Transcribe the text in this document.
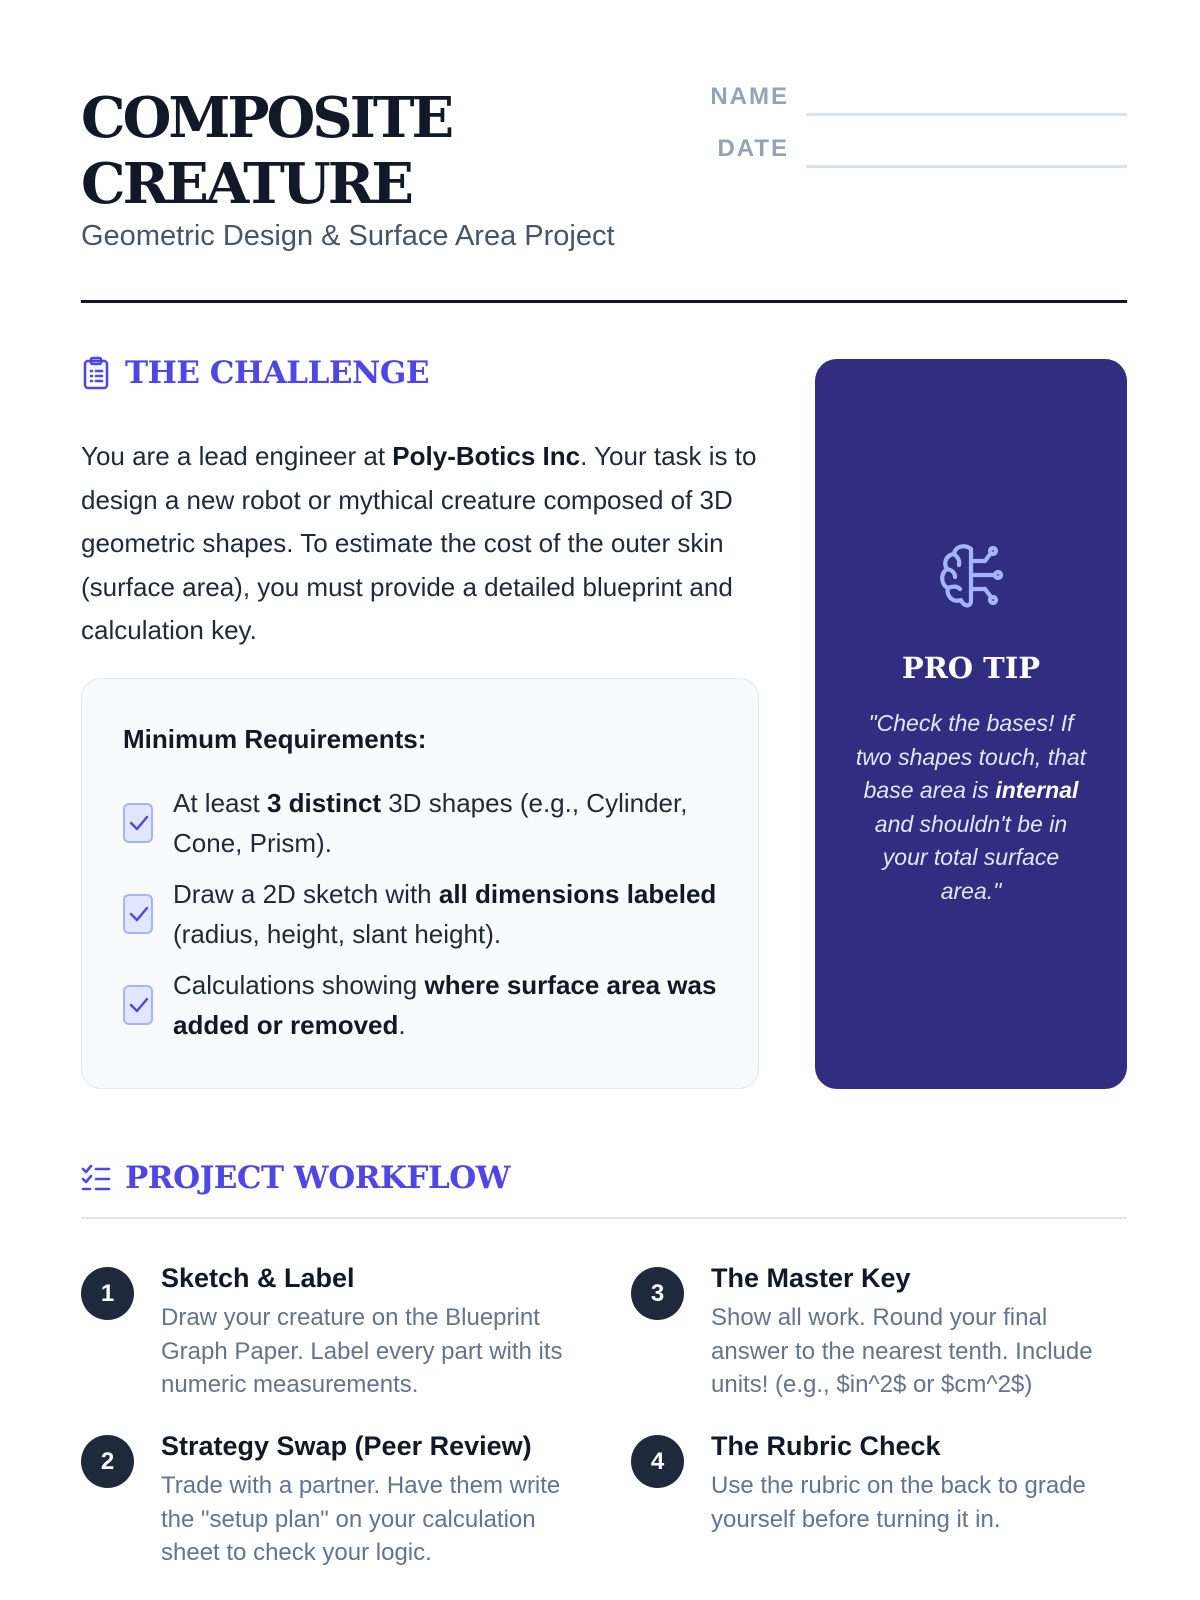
COMPOSITE
CREATURE
Geometric Design & Surface Area Project
NAME
DATE
THE CHALLENGE

You are a lead engineer at Poly-Botics Inc. Your task is to design a new robot or mythical creature composed of 3D geometric shapes. To estimate the cost of the outer skin (surface area), you must provide a detailed blueprint and calculation key.

Minimum Requirements:
At least 3 distinct 3D shapes (e.g., Cylinder, Cone, Prism).
Draw a 2D sketch with all dimensions labeled (radius, height, slant height).
Calculations showing where surface area was added or removed.
PRO TIP
"Check the bases! If two shapes touch, that base area is internal and shouldn't be in your total surface area."
PROJECT WORKFLOW
1	Sketch & Label
Draw your creature on the Blueprint Graph Paper. Label every part with its numeric measurements.
2	Strategy Swap (Peer Review)
Trade with a partner. Have them write the "setup plan" on your calculation sheet to check your logic.
3	The Master Key
Show all work. Round your final answer to the nearest tenth. Include units! (e.g., $in^2$ or $cm^2$)
4	The Rubric Check
Use the rubric on the back to grade yourself before turning it in.
